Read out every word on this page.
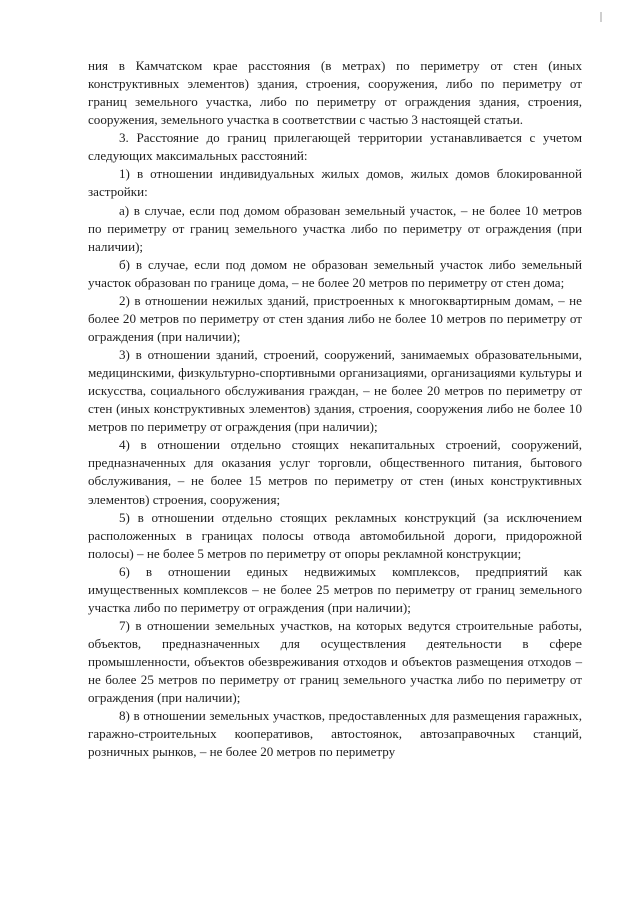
ния в Камчатском крае расстояния (в метрах) по периметру от стен (иных конструктивных элементов) здания, строения, сооружения, либо по периметру от границ земельного участка, либо по периметру от ограждения здания, строения, сооружения, земельного участка в соответствии с частью 3 настоящей статьи.

3. Расстояние до границ прилегающей территории устанавливается с учетом следующих максимальных расстояний:

1) в отношении индивидуальных жилых домов, жилых домов блокированной застройки:

а) в случае, если под домом образован земельный участок, – не более 10 метров по периметру от границ земельного участка либо по периметру от ограждения (при наличии);

б) в случае, если под домом не образован земельный участок либо земельный участок образован по границе дома, – не более 20 метров по периметру от стен дома;

2) в отношении нежилых зданий, пристроенных к многоквартирным домам, – не более 20 метров по периметру от стен здания либо не более 10 метров по периметру от ограждения (при наличии);

3) в отношении зданий, строений, сооружений, занимаемых образовательными, медицинскими, физкультурно-спортивными организациями, организациями культуры и искусства, социального обслуживания граждан, – не более 20 метров по периметру от стен (иных конструктивных элементов) здания, строения, сооружения либо не более 10 метров по периметру от ограждения (при наличии);

4) в отношении отдельно стоящих некапитальных строений, сооружений, предназначенных для оказания услуг торговли, общественного питания, бытового обслуживания, – не более 15 метров по периметру от стен (иных конструктивных элементов) строения, сооружения;

5) в отношении отдельно стоящих рекламных конструкций (за исключением расположенных в границах полосы отвода автомобильной дороги, придорожной полосы) – не более 5 метров по периметру от опоры рекламной конструкции;

6) в отношении единых недвижимых комплексов, предприятий как имущественных комплексов – не более 25 метров по периметру от границ земельного участка либо по периметру от ограждения (при наличии);

7) в отношении земельных участков, на которых ведутся строительные работы, объектов, предназначенных для осуществления деятельности в сфере промышленности, объектов обезвреживания отходов и объектов размещения отходов – не более 25 метров по периметру от границ земельного участка либо по периметру от ограждения (при наличии);

8) в отношении земельных участков, предоставленных для размещения гаражных, гаражно-строительных кооперативов, автостоянок, автозаправочных станций, розничных рынков, – не более 20 метров по периметру
